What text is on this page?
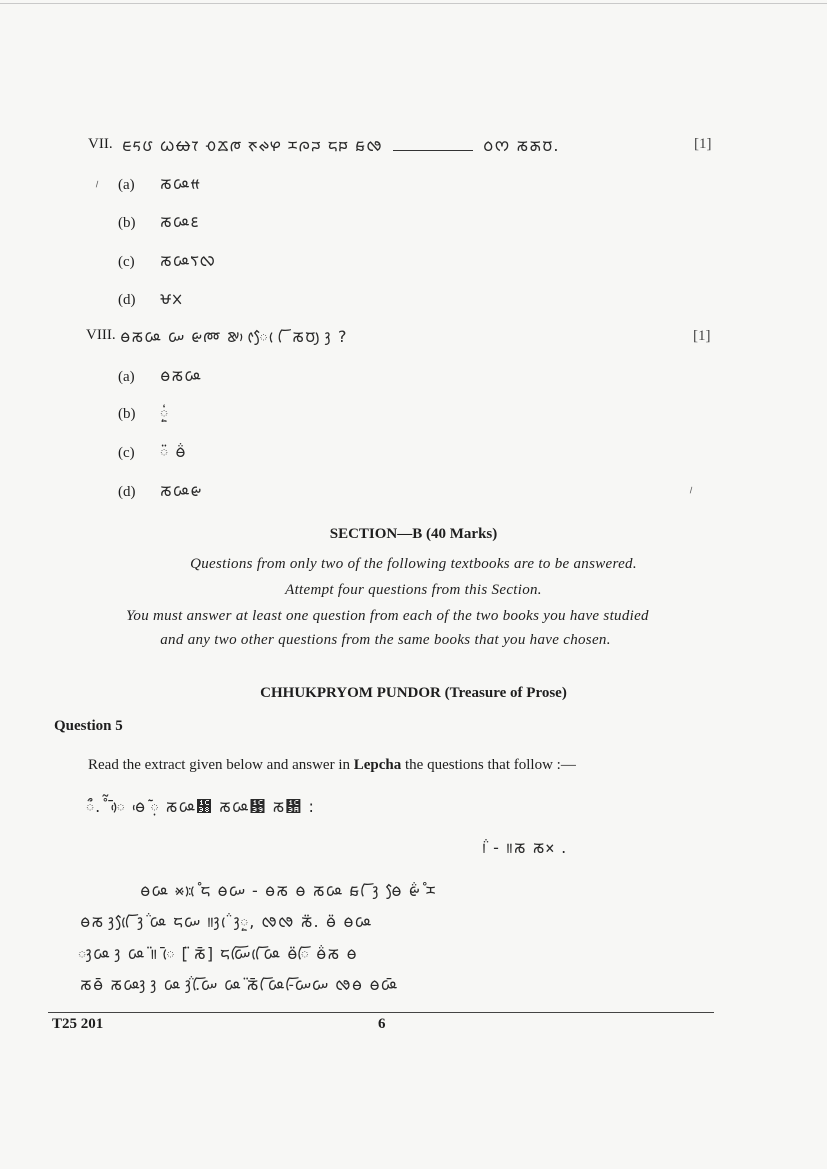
VII. ᰀᰁᰂ ᰃᰄᰅ ᰆᰇᰈ ᰉᰊᰋ ᰌᰍᰎ ᰏᰐ ᰑᰒ	ᰓᰔ ᰕᰖᰗ.	[1]
(a) ᰕᰘᰙ
(b) ᰕᰘᰚ
(c) ᰕᰘᰛᰜ
(d) ᰝᰞ
⸝
VIII. ᰟᰕᰘ ᰠ ᰡᰢ ᰣᰤᰥ ᰦᰧ ᰨ ᰩ ᰕᰗᰪ ᰫ ?	[1]
(a) ᰟᰕᰘ
(b) ᰬᰭ
(c) ᰮ ᰟᰯ
(d) ᰕᰘᰡ	⸝
SECTION—B (40 Marks)
Questions from only two of the following textbooks are to be answered.
Attempt four questions from this Section.
You must answer at least one question from each of the two books you have studied
and any two other questions from the same books that you have chosen.
CHHUKPRYOM PUNDOR (Treasure of Prose)
Question 5
Read the extract given below and answer in Lepcha the questions that follow :—
ᰰ. ᰱᰲ ᰳᰴ ᰟᰵ ᰶ᰷ ᰕᰘ᰸ ᰕᰘ᰹ ᰕ᰺ :
᰻ᰯ - ᰼ᰕ ᰕ᰽ .
ᰟᰘ ᰾᰿ ᰱᰏ ᰟᰠ - ᰟᰕ ᰟ ᰕᰘ ᰑ ᰩ ᰫ ᰟᰧ ᰡᰯ ᰱᰌ
ᰟᰕ ᰫ ᰩᰨᰧ ᰫ ᰯᰘ ᰏᰠ ᰼ᰫ ᰨᰯ ᰫᰬ, ᰒᰒ ᰕᰮ. ᰟᰮ ᰟᰘ
ᰫᰘ ᰫ ᰘ ᰮ᰼ ᰳᰨ [ᰮ ᰕᰳ] ᰏᰠᰩ ᰩᰨᰘ ᰟᰮᰩ ᰟᰯᰕ ᰟ
ᰕᰟᰳ ᰕᰘᰫ ᰫ ᰘ ᰫᰯ.ᰩᰠ ᰘ ᰮᰕᰳ ᰩᰘ-ᰩᰠᰠ ᰒᰟ ᰟᰘᰳ
T25 201	6
